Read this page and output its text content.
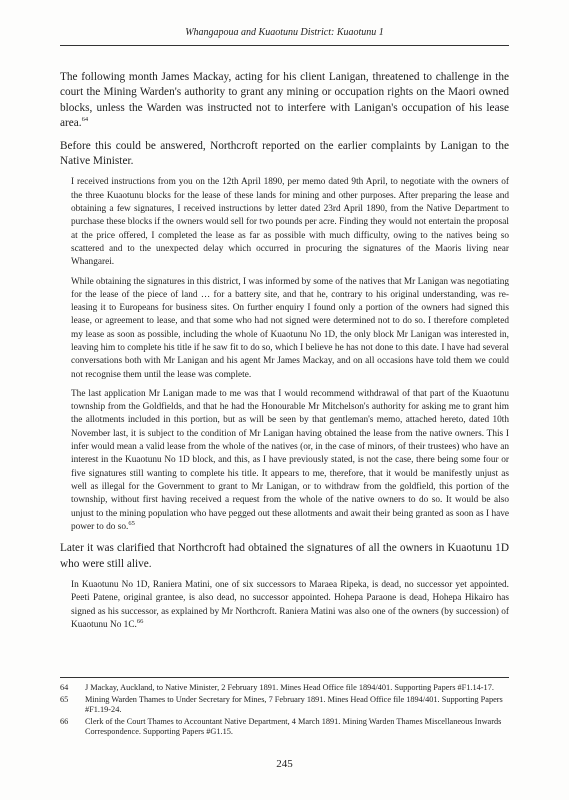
Whangapoua and Kuaotunu District: Kuaotunu 1

The following month James Mackay, acting for his client Lanigan, threatened to challenge in the court the Mining Warden's authority to grant any mining or occupation rights on the Maori owned blocks, unless the Warden was instructed not to interfere with Lanigan's occupation of his lease area.$^{64}$

Before this could be answered, Northcroft reported on the earlier complaints by Lanigan to the Native Minister.

I received instructions from you on the 12th April 1890, per memo dated 9th April, to negotiate with the owners of the three Kuaotunu blocks for the lease of these lands for mining and other purposes. After preparing the lease and obtaining a few signatures, I received instructions by letter dated 23rd April 1890, from the Native Department to purchase these blocks if the owners would sell for two pounds per acre. Finding they would not entertain the proposal at the price offered, I completed the lease as far as possible with much difficulty, owing to the natives being so scattered and to the unexpected delay which occurred in procuring the signatures of the Maoris living near Whangarei.

While obtaining the signatures in this district, I was informed by some of the natives that Mr Lanigan was negotiating for the lease of the piece of land … for a battery site, and that he, contrary to his original understanding, was re-leasing it to Europeans for business sites. On further enquiry I found only a portion of the owners had signed this lease, or agreement to lease, and that some who had not signed were determined not to do so. I therefore completed my lease as soon as possible, including the whole of Kuaotunu No 1D, the only block Mr Lanigan was interested in, leaving him to complete his title if he saw fit to do so, which I believe he has not done to this date. I have had several conversations both with Mr Lanigan and his agent Mr James Mackay, and on all occasions have told them we could not recognise them until the lease was complete.

The last application Mr Lanigan made to me was that I would recommend withdrawal of that part of the Kuaotunu township from the Goldfields, and that he had the Honourable Mr Mitchelson's authority for asking me to grant him the allotments included in this portion, but as will be seen by that gentleman's memo, attached hereto, dated 10th November last, it is subject to the condition of Mr Lanigan having obtained the lease from the native owners. This I infer would mean a valid lease from the whole of the natives (or, in the case of minors, of their trustees) who have an interest in the Kuaotunu No 1D block, and this, as I have previously stated, is not the case, there being some four or five signatures still wanting to complete his title. It appears to me, therefore, that it would be manifestly unjust as well as illegal for the Government to grant to Mr Lanigan, or to withdraw from the goldfield, this portion of the township, without first having received a request from the whole of the native owners to do so. It would be also unjust to the mining population who have pegged out these allotments and await their being granted as soon as I have power to do so.$^{65}$

Later it was clarified that Northcroft had obtained the signatures of all the owners in Kuaotunu 1D who were still alive.

In Kuaotunu No 1D, Raniera Matini, one of six successors to Maraea Ripeka, is dead, no successor yet appointed. Peeti Patene, original grantee, is also dead, no successor appointed. Hohepa Paraone is dead, Hohepa Hikairo has signed as his successor, as explained by Mr Northcroft. Raniera Matini was also one of the owners (by succession) of Kuaotunu No 1C.$^{66}$

64	J Mackay, Auckland, to Native Minister, 2 February 1891. Mines Head Office file 1894/401. Supporting Papers #F1.14-17.
65	Mining Warden Thames to Under Secretary for Mines, 7 February 1891. Mines Head Office file 1894/401. Supporting Papers #F1.19-24.
66	Clerk of the Court Thames to Accountant Native Department, 4 March 1891. Mining Warden Thames Miscellaneous Inwards Correspondence. Supporting Papers #G1.15.
245
